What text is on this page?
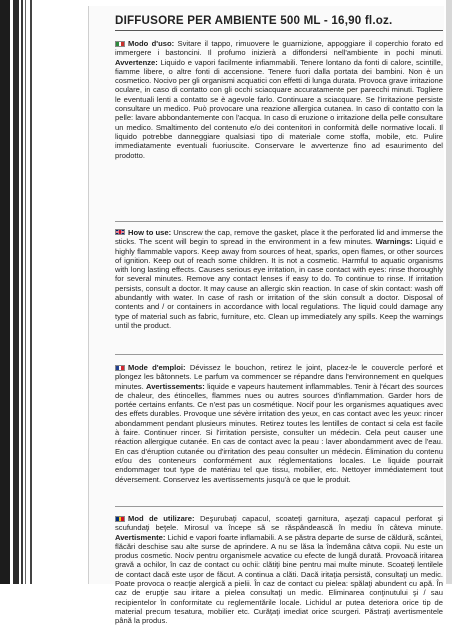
DIFFUSORE PER AMBIENTE 500 ML - 16,90 fl.oz.

Modo d'uso: Svitare il tappo, rimuovere le guarnizione, appoggiare il coperchio forato ed immergere i bastoncini. Il profumo inizierà a diffondersi nell'ambiente in pochi minuti. Avvertenze: Liquido e vapori facilmente infiammabili. Tenere lontano da fonti di calore, scintille, fiamme libere, o altre fonti di accensione. Tenere fuori dalla portata dei bambini. Non è un cosmetico. Nocivo per gli organismi acquatici con effetti di lunga durata. Provoca grave irritazione oculare, in caso di contatto con gli occhi sciacquare accuratamente per parecchi minuti. Togliere le eventuali lenti a contatto se è agevole farlo. Continuare a sciacquare. Se l'irritazione persiste consultare un medico. Può provocare una reazione allergica cutanea. In caso di contatto con la pelle: lavare abbondantemente con l'acqua. In caso di eruzione o irritazione della pelle consultare un medico. Smaltimento del contenuto e/o dei contenitori in conformità delle normative locali. Il liquido potrebbe danneggiare qualsiasi tipo di materiale come stoffa, mobile, etc. Pulire immediatamente eventuali fuoriuscite. Conservare le avvertenze fino ad esaurimento del prodotto.

How to use: Unscrew the cap, remove the gasket, place it the perforated lid and immerse the sticks. The scent will begin to spread in the environment in a few minutes. Warnings: Liquid e highly flammable vapors. Keep away from sources of heat, sparks, open flames, or other sources of ignition. Keep out of reach some children. It is not a cosmetic. Harmful to aquatic organisms with long lasting effects. Causes serious eye irritation, in case contact with eyes: rinse thoroughly for several minutes. Remove any contact lenses if easy to do. To continue to rinse. If irritation persists, consult a doctor. It may cause an allergic skin reaction. In case of skin contact: wash off abundantly with water. In case of rash or irritation of the skin consult a doctor. Disposal of contents and / or containers in accordance with local regulations. The liquid could damage any type of material such as fabric, furniture, etc. Clean up immediately any spills. Keep the warnings until the product.

Mode d'emploi: Dévissez le bouchon, retirez le joint, placez-le le couvercle perforé et plongez les bâtonnets. Le parfum va commencer se répandre dans l'environnement en quelques minutes. Avertissements: liquide e vapeurs hautement inflammables. Tenir à l'écart des sources de chaleur, des étincelles, flammes nues ou autres sources d'inflammation. Garder hors de portée certains enfants. Ce n'est pas un cosmétique. Nocif pour les organismes aquatiques avec des effets durables. Provoque une sévère irritation des yeux, en cas contact avec les yeux: rincer abondamment pendant plusieurs minutes. Retirez toutes les lentilles de contact si cela est facile à faire. Continuer rincer. Si l'irritation persiste, consulter un médecin. Cela peut causer une réaction allergique cutanée. En cas de contact avec la peau : laver abondamment avec de l'eau. En cas d'éruption cutanée ou d'irritation des peau consulter un médecin. Élimination du contenu et/ou des conteneurs conformément aux réglementations locales. Le liquide pourrait endommager tout type de matériau tel que tissu, mobilier, etc. Nettoyer immédiatement tout déversement. Conservez les avertissements jusqu'à ce que le produit.

Mod de utilizare: Deşurubaţi capacul, scoateţi garnitura, aşezaţi capacul perforat şi scufundaţi beţele. Mirosul va începe să se răspândească în mediu în câteva minute. Avertismente: Lichid e vapori foarte inflamabili. A se păstra departe de surse de căldură, scântei, flăcări deschise sau alte surse de aprindere. A nu se lăsa la îndemâna câtva copii. Nu este un produs cosmetic. Nociv pentru organismele acvatice cu efecte de lungă durată. Provoacă iritarea gravă a ochilor, în caz de contact cu ochii: clătiţi bine pentru mai multe minute. Scoateţi lentilele de contact dacă este ușor de făcut. A continua a clăti. Dacă iritaţia persistă, consultaţi un medic. Poate provoca o reacţie alergică a pielii. În caz de contact cu pielea: spălaţi abundent cu apă. În caz de erupţie sau iritare a pielea consultaţi un medic. Eliminarea conţinutului şi / sau recipientelor în conformitate cu reglementările locale. Lichidul ar putea deteriora orice tip de material precum tesatura, mobilier etc. Curăţaţi imediat orice scurgeri. Păstraţi avertismentele până la produs.
